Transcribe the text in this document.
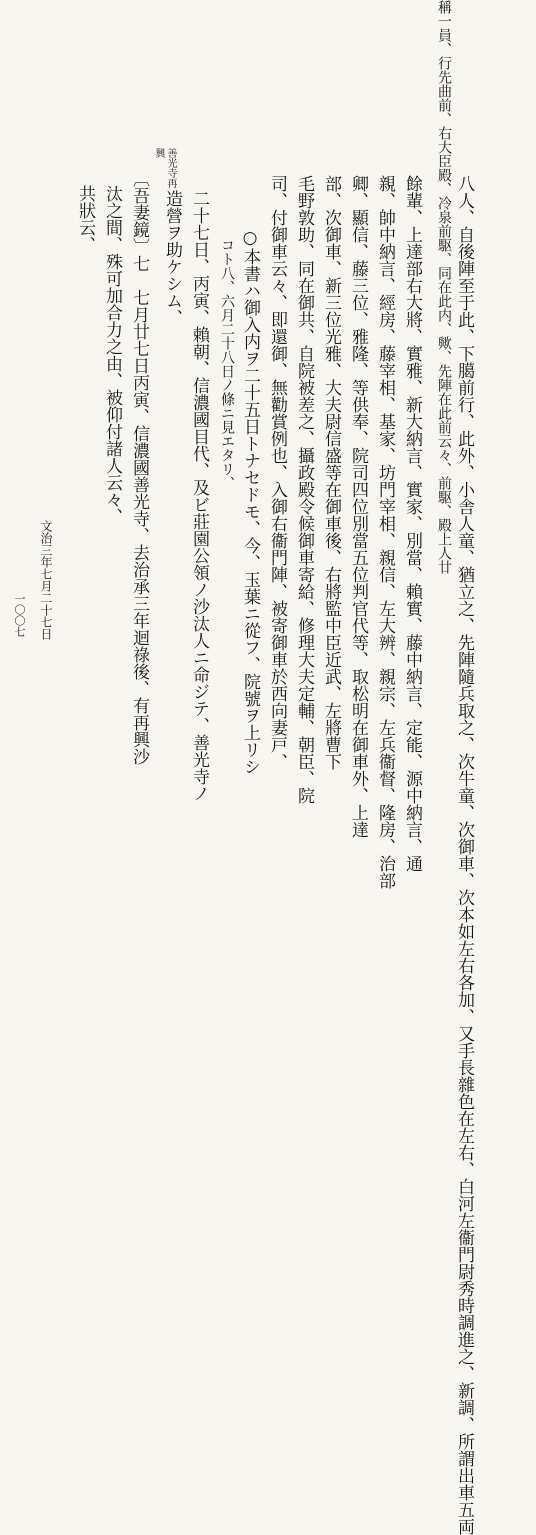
善光寺再
興
八人、自後陣至于此、下臈前行、此外、小舎人童、猶立之、先陣隨兵取之、次牛童、次御車、次本如左右各加、又手長雜色在左右、白河左衞門尉秀時調進之、新調、所謂出車五両
稱一員、行先曲前、右大臣殿、冷泉前駆、同在此内、歟、先陣在此前云々、前駆、殿上人廿
餘輩、上達部右大將、實雅、新大納言、實家、別當、賴實、藤中納言、定能、源中納言、通
親、帥中納言、經房、藤宰相、基家、坊門宰相、親信、左大辨、親宗、左兵衞督、隆房、治部
卿、顯信、藤三位、雅隆、等供奉、院司四位別當五位判官代等、取松明在御車外、上達
部、次御車、新三位光雅、大夫尉信盛等在御車後、右將監中臣近武、左將曹下
毛野敦助、同在御共、自院被差之、攝政殿令候御車寄給、修理大夫定輔、朝臣、院
司、付御車云々、即還御、無勸賞例也、入御右衞門陣、被寄御車於西向妻戸、
○本書ハ御入内ヲ二十五日トナセドモ、今、玉葉ニ從フ、院號ヲ上リシ
コト八、六月二十八日ノ條ニ見エタリ、
二十七日、丙寅、賴朝、信濃國目代、及ビ莊園公領ノ沙汰人ニ命ジテ、善光寺ノ
造營ヲ助ケシム、
〔吾妻鏡〕七　七月廿七日丙寅、信濃國善光寺、去治承三年迴祿後、有再興沙
汰之間、殊可加合力之由、被仰付諸人云々、
共狀云、
文治三年七月二十七日
一〇〇七
